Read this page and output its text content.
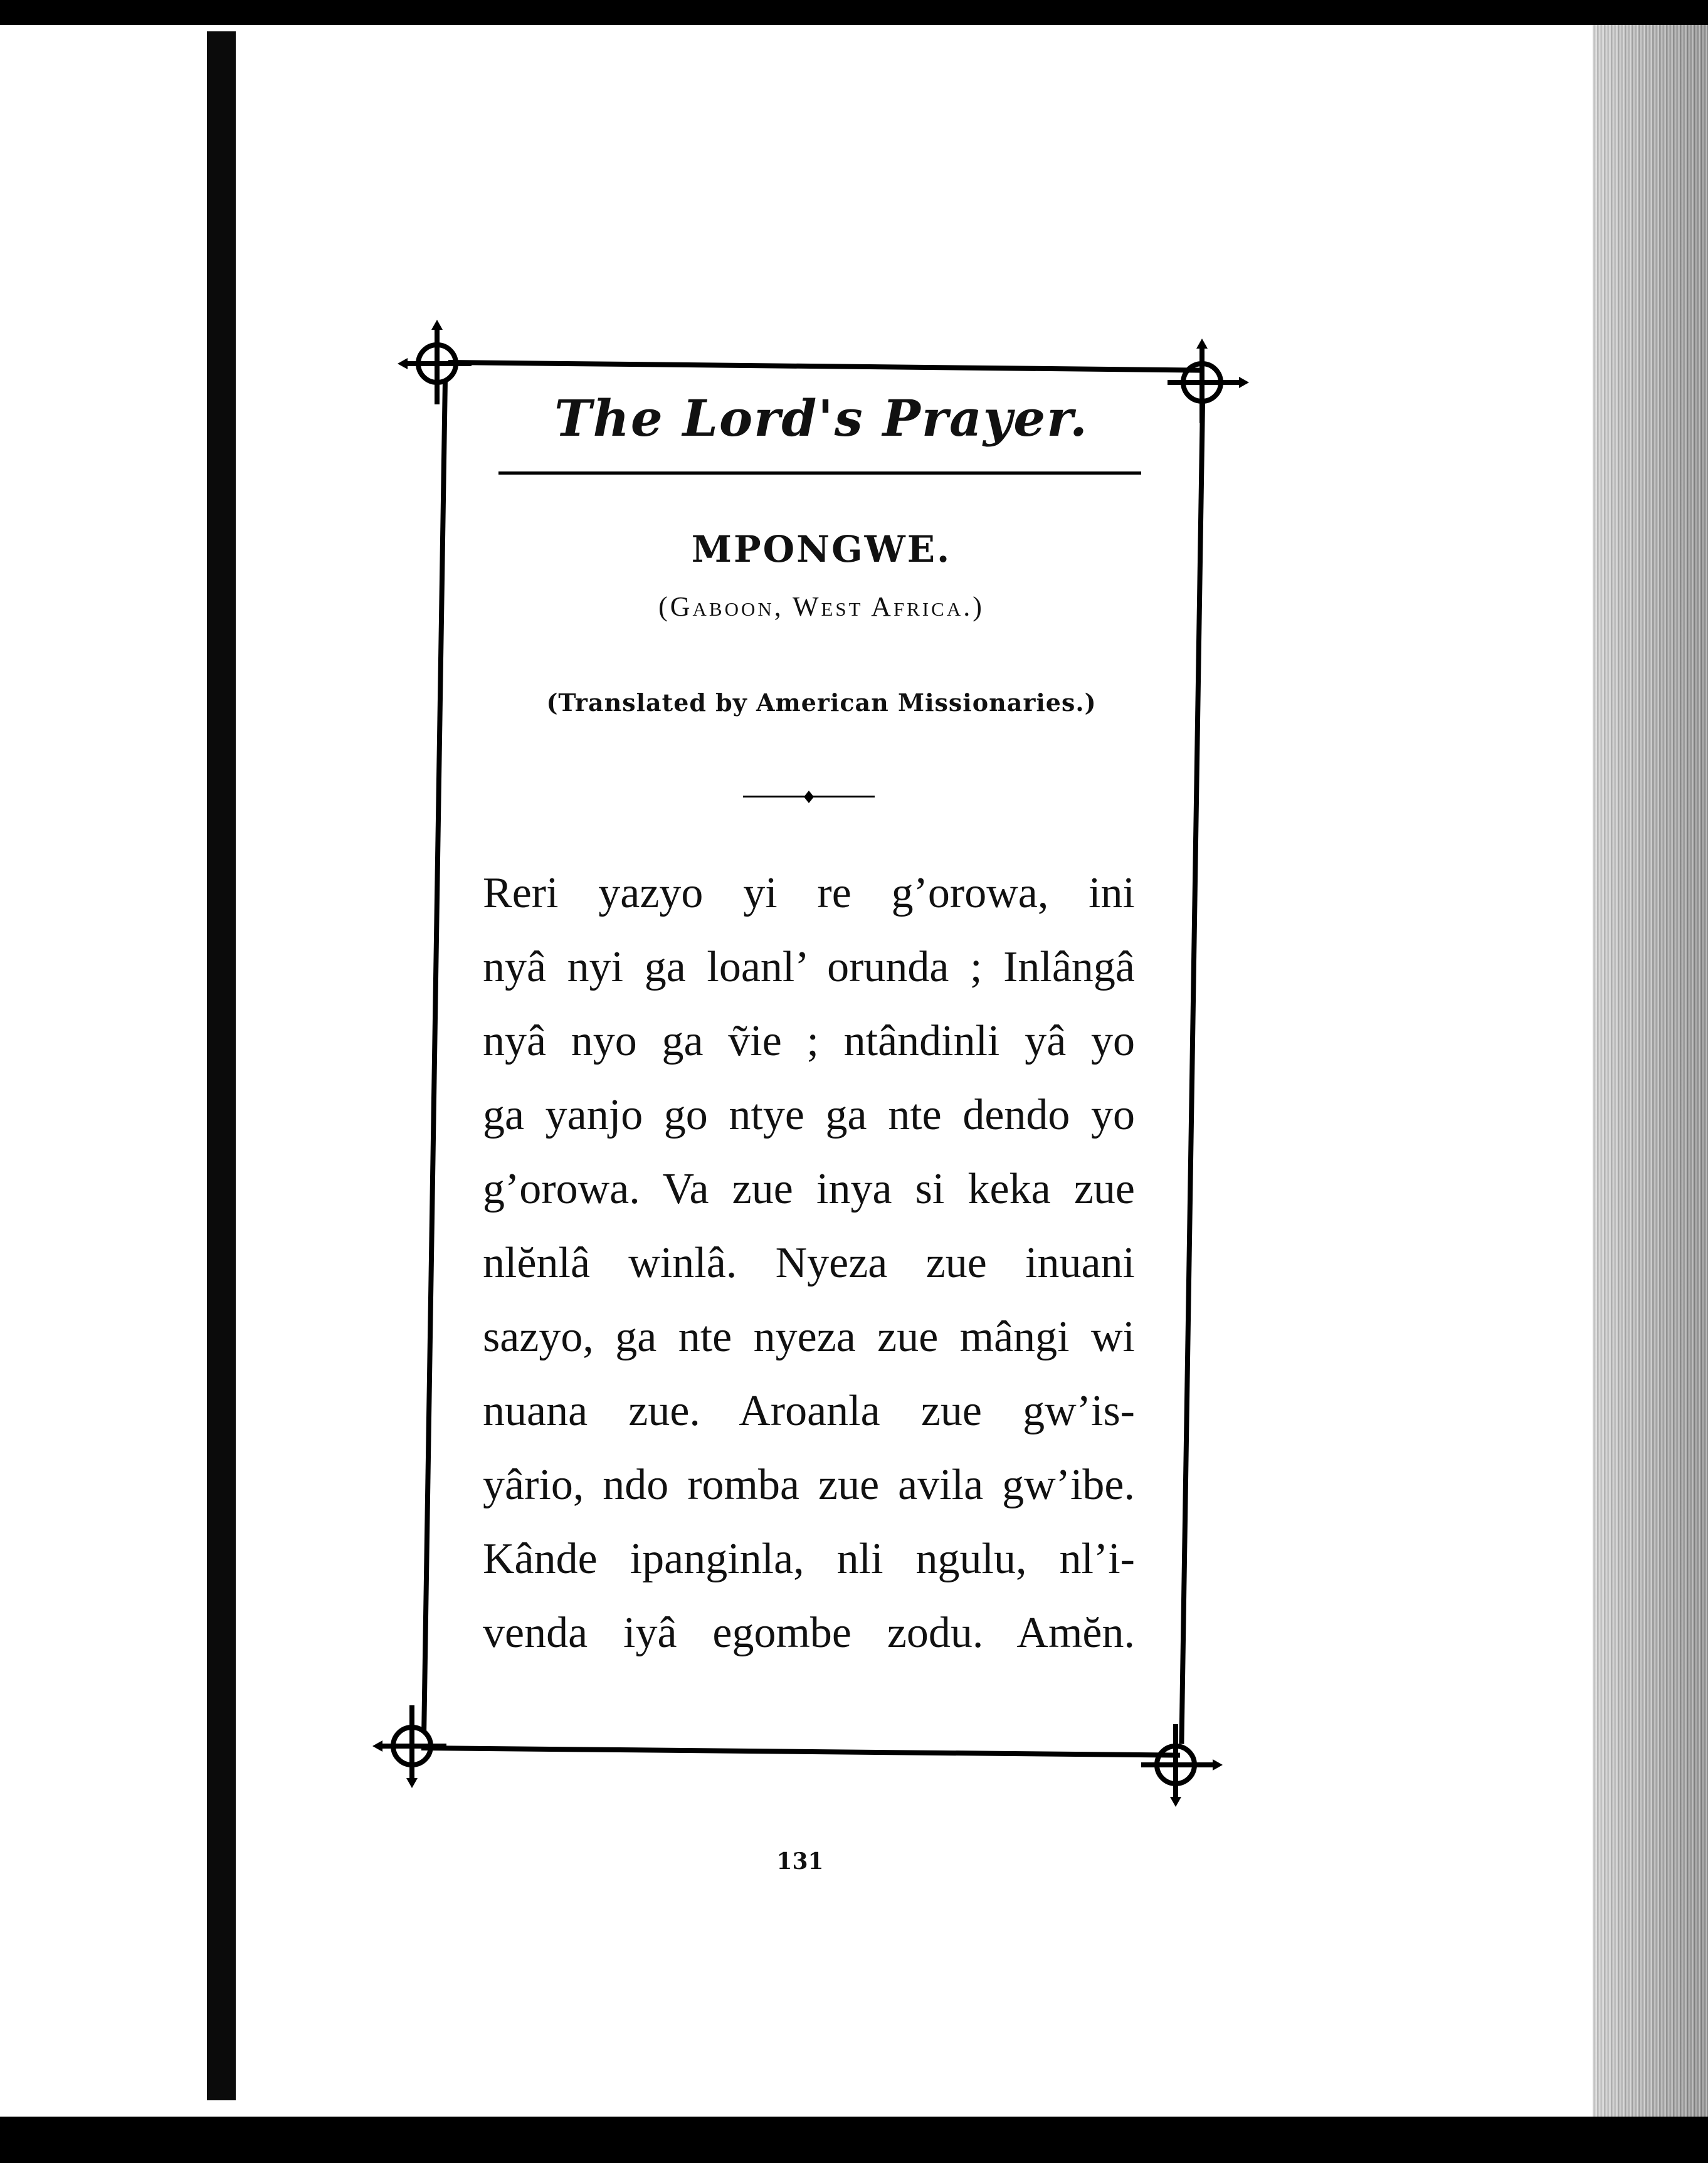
The Lord's Prayer.
MPONGWE.
(Gaboon, West Africa.)
(Translated by American Missionaries.)
Reri yazyo yi re g’orowa, ini
nyâ nyi ga loanl’ orunda ; Inlângâ
nyâ nyo ga ṽie ; ntândinli yâ yo
ga yanjo go ntye ga nte dendo yo
g’orowa. Va zue inya si keka zue
nlĕnlâ winlâ. Nyeza zue inuani
sazyo, ga nte nyeza zue mângi wi
nuana zue. Aroanla zue gw’is-
yârio, ndo romba zue avila gw’ibe.
Kânde ipanginla, nli ngulu, nl’i-
venda iyâ egombe zodu. Amĕn.
131
